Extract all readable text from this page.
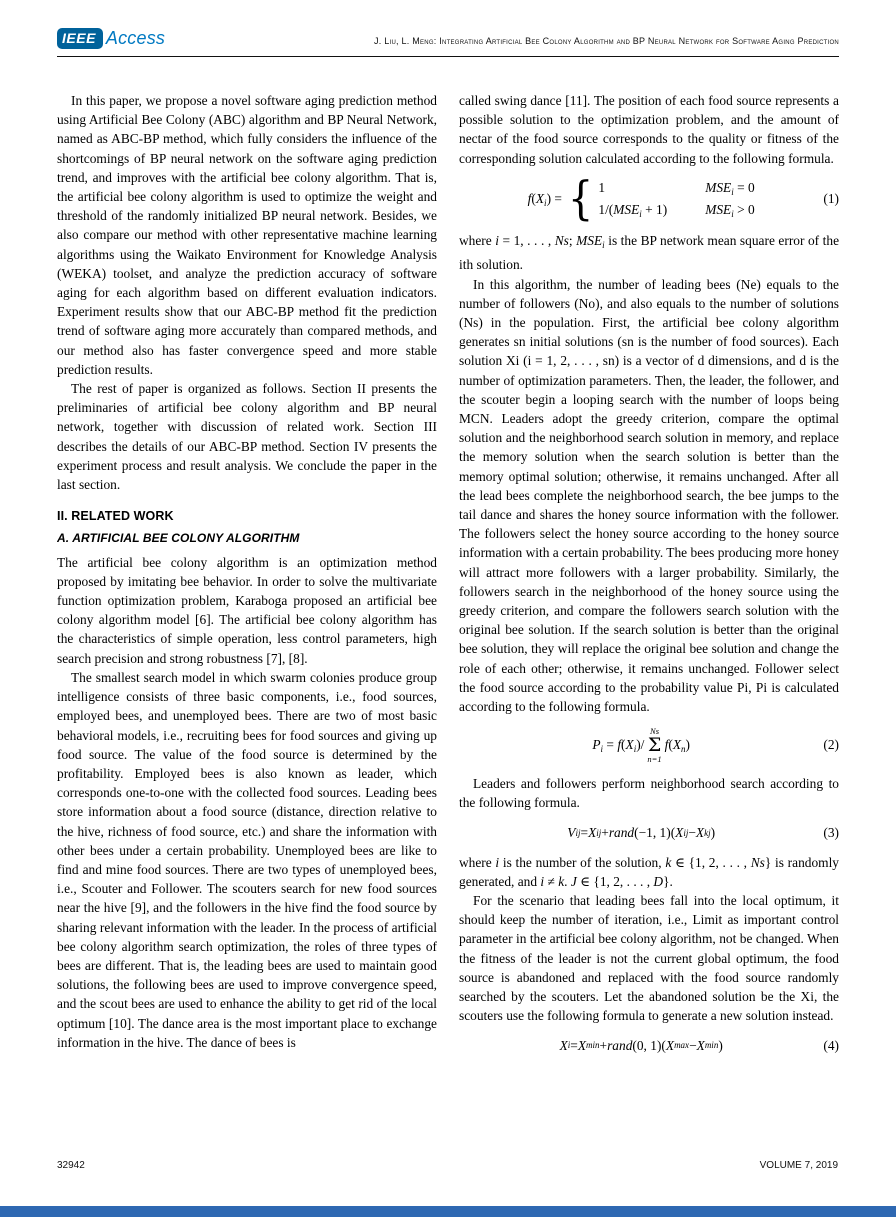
IEEE Access	J. Liu, L. Meng: Integrating Artificial Bee Colony Algorithm and BP Neural Network for Software Aging Prediction

In this paper, we propose a novel software aging prediction method using Artificial Bee Colony (ABC) algorithm and BP Neural Network, named as ABC-BP method, which fully considers the influence of the shortcomings of BP neural network on the software aging prediction trend, and improves with the artificial bee colony algorithm. That is, the artificial bee colony algorithm is used to optimize the weight and threshold of the randomly initialized BP neural network. Besides, we also compare our method with other representative machine learning algorithms using the Waikato Environment for Knowledge Analysis (WEKA) toolset, and analyze the prediction accuracy of software aging for each algorithm based on different evaluation indicators. Experiment results show that our ABC-BP method fit the prediction trend of software aging more accurately than compared methods, and our method also has faster convergence speed and more stable prediction results.

The rest of paper is organized as follows. Section II presents the preliminaries of artificial bee colony algorithm and BP neural network, together with discussion of related work. Section III describes the details of our ABC-BP method. Section IV presents the experiment process and result analysis. We conclude the paper in the last section.

II. RELATED WORK
A. ARTIFICIAL BEE COLONY ALGORITHM

The artificial bee colony algorithm is an optimization method proposed by imitating bee behavior. In order to solve the multivariate function optimization problem, Karaboga proposed an artificial bee colony algorithm model [6]. The artificial bee colony algorithm has the characteristics of simple operation, less control parameters, high search precision and strong robustness [7], [8].

The smallest search model in which swarm colonies produce group intelligence consists of three basic components, i.e., food sources, employed bees, and unemployed bees. There are two of most basic behavioral models, i.e., recruiting bees for food sources and giving up food source. The value of the food source is determined by the profitability. Employed bees is also known as leader, which corresponds one-to-one with the collected food sources. Leading bees store information about a food source (distance, direction relative to the hive, richness of food source, etc.) and share the information with other bees under a certain probability. Unemployed bees are like to find and mine food sources. There are two types of unemployed bees, i.e., Scouter and Follower. The scouters search for new food sources near the hive [9], and the followers in the hive find the food source by sharing relevant information with the leader. In the process of artificial bee colony algorithm search optimization, the roles of three types of bees are different. That is, the leading bees are used to maintain good solutions, the following bees are used to improve convergence speed, and the scout bees are used to enhance the ability to get rid of the local optimum [10]. The dance area is the most important place to exchange information in the hive. The dance of bees is

called swing dance [11]. The position of each food source represents a possible solution to the optimization problem, and the amount of nectar of the food source corresponds to the quality or fitness of the corresponding solution calculated according to the following formula.

$f(X_i)$ = { 1	$MSE_i = 0$
$1/(MSE_i + 1)$	$MSE_i > 0$
(1)

where i = 1, . . . , Ns; $MSE_i$ is the BP network mean square error of the ith solution.

In this algorithm, the number of leading bees (Ne) equals to the number of followers (No), and also equals to the number of solutions (Ns) in the population. First, the artificial bee colony algorithm generates sn initial solutions (sn is the number of food sources). Each solution Xi (i = 1, 2, . . . , sn) is a vector of d dimensions, and d is the number of optimization parameters. Then, the leader, the follower, and the scouter begin a looping search with the number of loops being MCN. Leaders adopt the greedy criterion, compare the optimal solution and the neighborhood search solution in memory, and replace the memory solution when the search solution is better than the memory optimal solution; otherwise, it remains unchanged. After all the lead bees complete the neighborhood search, the bee jumps to the tail dance and shares the honey source information with the follower. The followers select the honey source according to the honey source information with a certain probability. The bees producing more honey will attract more followers with a larger probability. Similarly, the followers search in the neighborhood of the honey source using the greedy criterion, and compare the followers search solution with the original bee solution. If the search solution is better than the original bee solution, they will replace the original bee solution and change the role of each other; otherwise, it remains unchanged. Follower select the food source according to the probability value Pi, Pi is calculated according to the following formula.

$P_i = f(X_i)/$
Ns
Σ
n=1
$f(X_n)$	(2)

Leaders and followers perform neighborhood search according to the following formula.

V ij = X ij + rand (−1, 1)( X ij − X kj )	(3)

where i is the number of the solution, k ∈ {1, 2, . . . , Ns} is randomly generated, and i ≠ k. J ∈ {1, 2, . . . , D}.

For the scenario that leading bees fall into the local optimum, it should keep the number of iteration, i.e., Limit as important control parameter in the artificial bee colony algorithm, not be changed. When the fitness of the leader is not the current global optimum, the food source is abandoned and replaced with the food source randomly searched by the scouters. Let the abandoned solution be the Xi, the scouters use the following formula to generate a new solution instead.

X i = X min + rand (0, 1)( X max − X min )	(4)
32942	VOLUME 7, 2019
